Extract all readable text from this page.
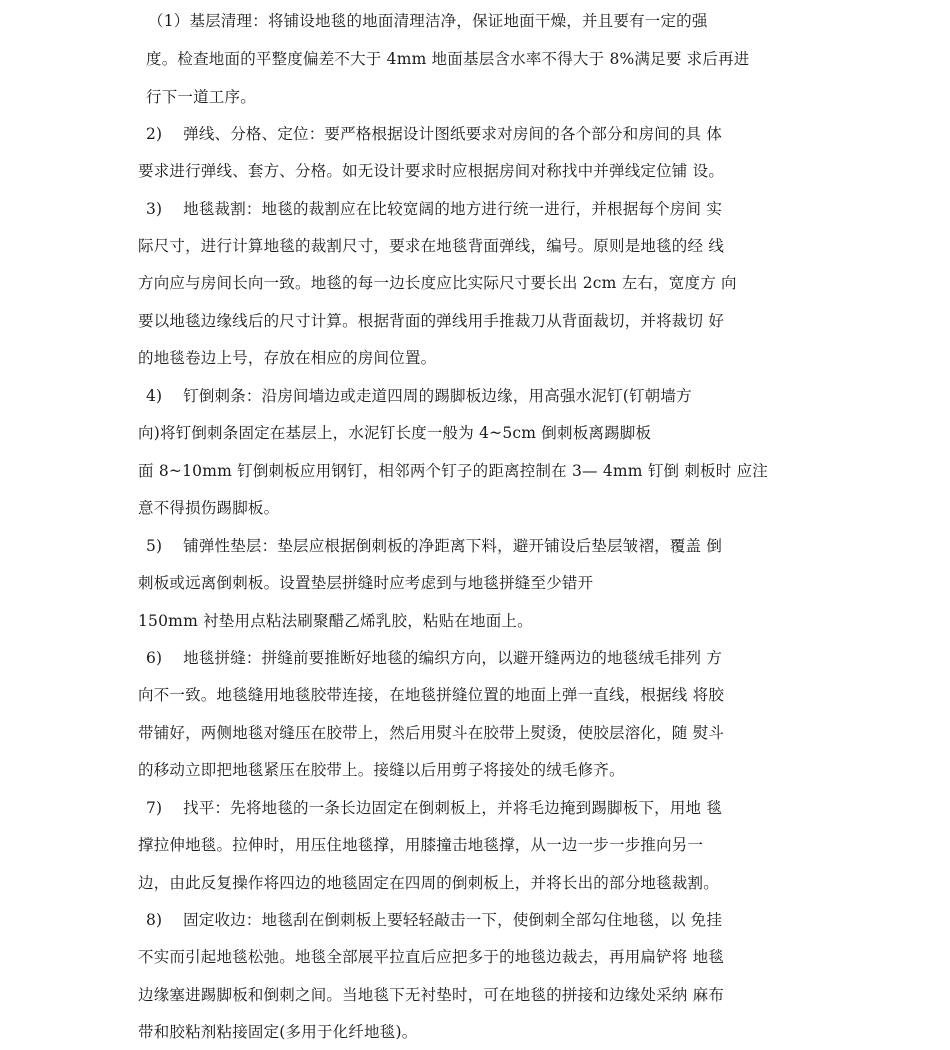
（1）基层清理：将铺设地毯的地面清理洁净，保证地面干燥，并且要有一定的强
度。检查地面的平整度偏差不大于 4mm 地面基层含水率不得大于 8%满足要 求后再进
行下一道工序。
2)　 弹线、分格、定位：要严格根据设计图纸要求对房间的各个部分和房间的具 体
要求进行弹线、套方、分格。如无设计要求时应根据房间对称找中并弹线定位铺 设。
3)　 地毯裁割：地毯的裁割应在比较宽阔的地方进行统一进行，并根据每个房间 实
际尺寸，进行计算地毯的裁割尺寸，要求在地毯背面弹线，编号。原则是地毯的经 线
方向应与房间长向一致。地毯的每一边长度应比实际尺寸要长出 2cm 左右，宽度方 向
要以地毯边缘线后的尺寸计算。根据背面的弹线用手推裁刀从背面裁切，并将裁切 好
的地毯卷边上号，存放在相应的房间位置。
4)　 钉倒刺条：沿房间墙边或走道四周的踢脚板边缘，用高强水泥钉(钉朝墙方
向)将钉倒刺条固定在基层上，水泥钉长度一般为 4~5cm 倒刺板离踢脚板
面 8~10mm 钉倒刺板应用钢钉，相邻两个钉子的距离控制在 3— 4mm 钉倒 刺板时 应注
意不得损伤踢脚板。
5)　 铺弹性垫层：垫层应根据倒刺板的净距离下料，避开铺设后垫层皱褶，覆盖 倒
刺板或远离倒刺板。设置垫层拼缝时应考虑到与地毯拼缝至少错开
150mm 衬垫用点粘法刷聚醋乙烯乳胶，粘贴在地面上。
6)　 地毯拼缝：拼缝前要推断好地毯的编织方向，以避开缝两边的地毯绒毛排列 方
向不一致。地毯缝用地毯胶带连接，在地毯拼缝位置的地面上弹一直线，根据线 将胶
带铺好，两侧地毯对缝压在胶带上，然后用熨斗在胶带上熨烫，使胶层溶化，随 熨斗
的移动立即把地毯紧压在胶带上。接缝以后用剪子将接处的绒毛修齐。
7)　 找平：先将地毯的一条长边固定在倒刺板上，并将毛边掩到踢脚板下，用地 毯
撑拉伸地毯。拉伸时，用压住地毯撑，用膝撞击地毯撑，从一边一步一步推向另一
边，由此反复操作将四边的地毯固定在四周的倒刺板上，并将长出的部分地毯裁割。
8)　 固定收边：地毯刮在倒刺板上要轻轻敲击一下，使倒刺全部勾住地毯，以 免挂
不实而引起地毯松弛。地毯全部展平拉直后应把多于的地毯边裁去，再用扁铲将 地毯
边缘塞进踢脚板和倒刺之间。当地毯下无衬垫时，可在地毯的拼接和边缘处采纳 麻布
带和胶粘剂粘接固定(多用于化纤地毯)。
